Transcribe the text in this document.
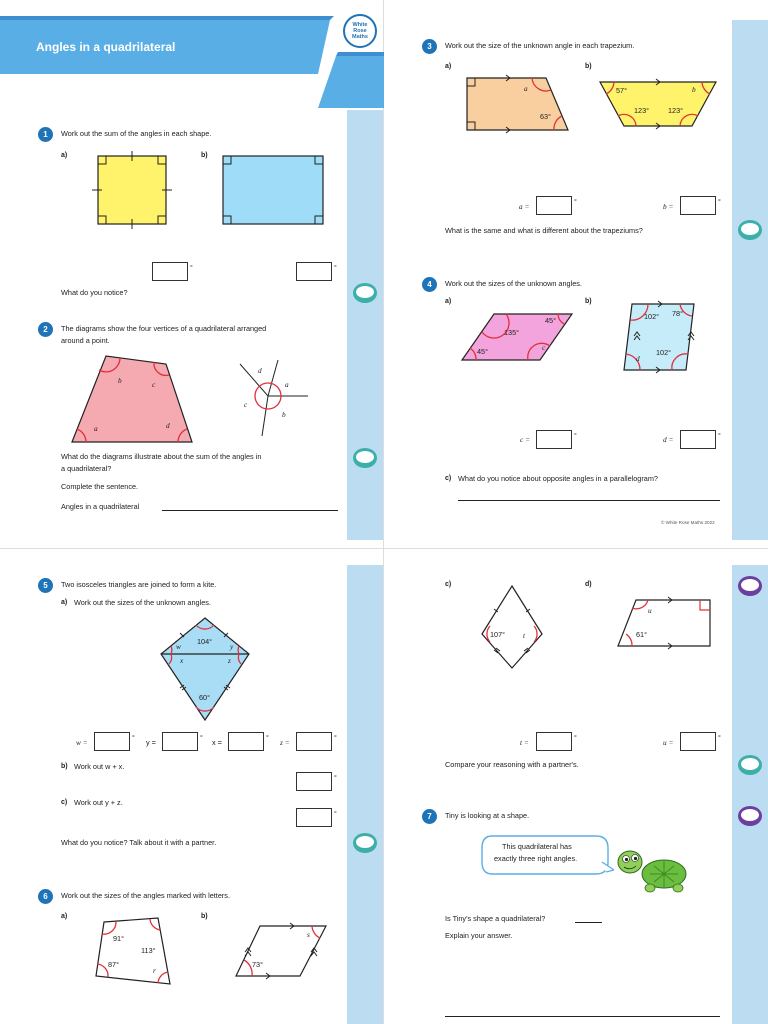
Angles in a quadrilateral
White
Rose
Maths
1	Work out the sum of the angles in each shape.
a)	b)
°	°
What do you notice?
2	The diagrams show the four vertices of a quadrilateral arranged
around a point.
a
b	c
d
d
a
c
b
What do the diagrams illustrate about the sum of the angles in
a quadrilateral?
Complete the sentence.
Angles in a quadrilateral
3	Work out the size of the unknown angle in each trapezium.
a)	b)
a
63°
57°	b
123°	123°
a =	°	b =	°
What is the same and what is different about the trapeziums?
4	Work out the sizes of the unknown angles.
a)	b)
135°
45°
45°	c
102° 78°
d
102°
c =	°	d =	°
c) What do you notice about opposite angles in a parallelogram?
© White Rose Maths 2022
5	Two isosceles triangles are joined to form a kite.
a) Work out the sizes of the unknown angles.
104°
w	y
x	z
60°
w =	° y =	° x =	° z =	°
b) Work out w + x.
°
c) Work out y + z.
°
What do you notice? Talk about it with a partner.
6	Work out the sizes of the angles marked with letters.
a)	b)
91°
113°
87°
r
73°
s
c)	d)
107° t
u
61°
t =	°	u =	°
Compare your reasoning with a partner's.
7	Tiny is looking at a shape.
This quadrilateral has
exactly three right angles.
Is Tiny's shape a quadrilateral?
Explain your answer.
